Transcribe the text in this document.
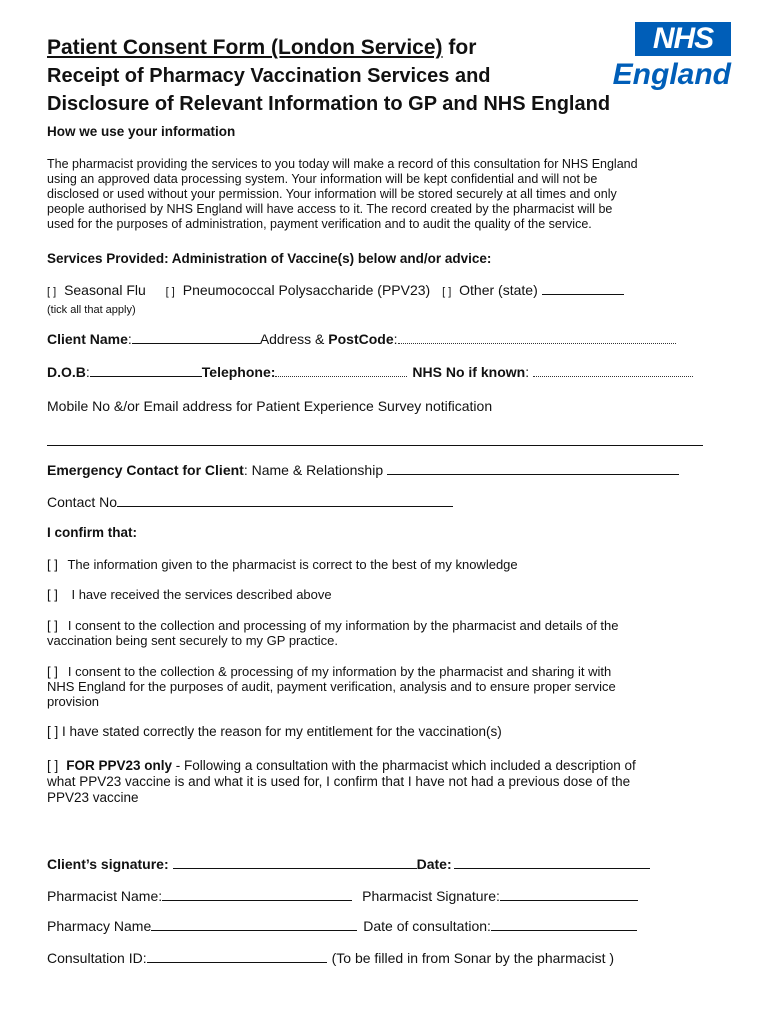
Patient Consent Form (London Service) for
Receipt of Pharmacy Vaccination Services and
Disclosure of Relevant Information to GP and NHS England
NHS
England
How we use your information
The pharmacist providing the services to you today will make a record of this consultation for NHS England
using an approved data processing system. Your information will be kept confidential and will not be
disclosed or used without your permission. Your information will be stored securely at all times and only
people authorised by NHS England will have access to it. The record created by the pharmacist will be
used for the purposes of administration, payment verification and to audit the quality of the service.
Services Provided: Administration of Vaccine(s) below and/or advice:
[ ] Seasonal Flu [ ] Pneumococcal Polysaccharide (PPV23) [ ] Other (state)
(tick all that apply)
Client Name:	Address & PostCode:
D.O.B:	Telephone:	NHS No if known:
Mobile No &/or Email address for Patient Experience Survey notification
Emergency Contact for Client: Name & Relationship
Contact No
I confirm that:
[ ] The information given to the pharmacist is correct to the best of my knowledge
[ ] I have received the services described above
[ ] I consent to the collection and processing of my information by the pharmacist and details of the
vaccination being sent securely to my GP practice.
[ ] I consent to the collection & processing of my information by the pharmacist and sharing it with
NHS England for the purposes of audit, payment verification, analysis and to ensure proper service
provision
[ ] I have stated correctly the reason for my entitlement for the vaccination(s)
[ ] FOR PPV23 only - Following a consultation with the pharmacist which included a description of
what PPV23 vaccine is and what it is used for, I confirm that I have not had a previous dose of the
PPV23 vaccine
Client’s signature:	Date:
Pharmacist Name:	Pharmacist Signature:
Pharmacy Name	Date of consultation:
Consultation ID:	(To be filled in from Sonar by the pharmacist )
